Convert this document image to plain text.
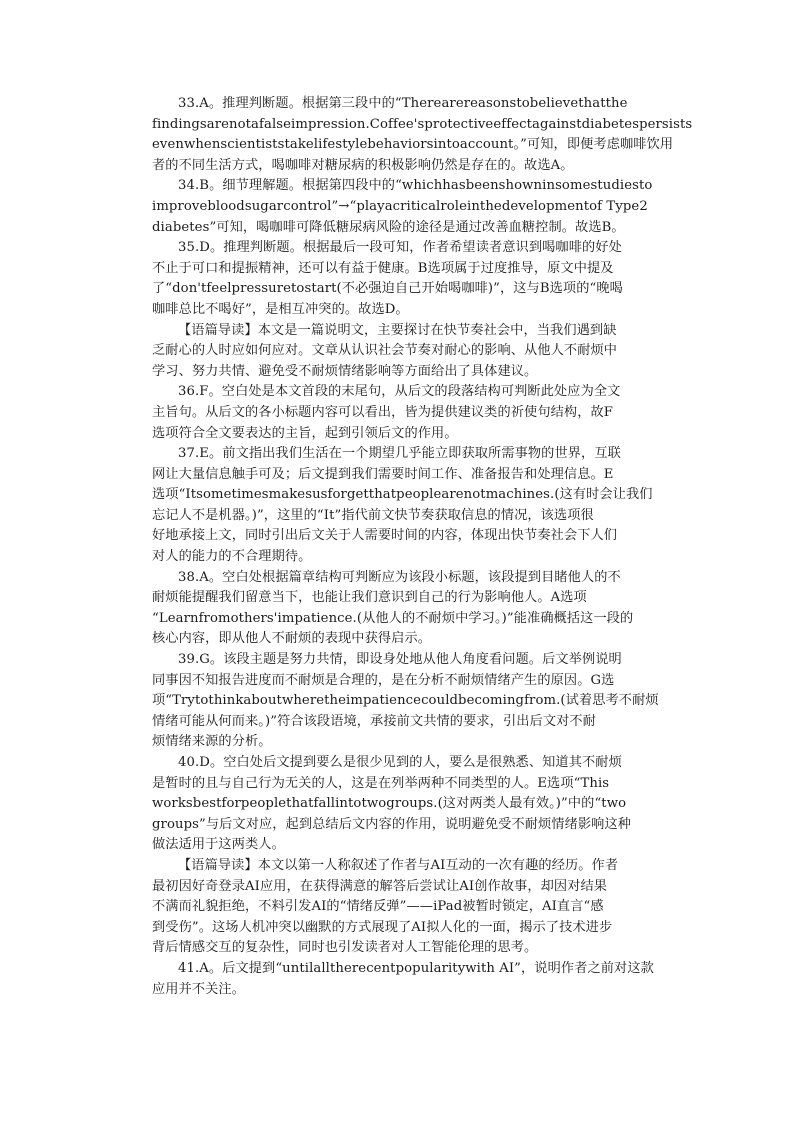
33.A。推理判断题。根据第三段中的“Therearereasonstobelievethatthe
findingsarenotafalseimpression.Coffee'sprotectiveeffectagainstdiabetespersists
evenwhenscientiststakelifestylebehaviorsintoaccount。”可知，即便考虑咖啡饮用
者的不同生活方式，喝咖啡对糖尿病的积极影响仍然是存在的。故选A。

34.B。细节理解题。根据第四段中的“whichhasbeenshowninsomestudiesto
improvebloodsugarcontrol”→“playacriticalroleinthedevelopmentof Type2
diabetes”可知，喝咖啡可降低糖尿病风险的途径是通过改善血糖控制。故选B。

35.D。推理判断题。根据最后一段可知，作者希望读者意识到喝咖啡的好处
不止于可口和提振精神，还可以有益于健康。B选项属于过度推导，原文中提及
了“don'tfeelpressuretostart(不必强迫自己开始喝咖啡)”，这与B选项的“晚喝
咖啡总比不喝好”，是相互冲突的。故选D。

【语篇导读】本文是一篇说明文，主要探讨在快节奏社会中，当我们遇到缺
乏耐心的人时应如何应对。文章从认识社会节奏对耐心的影响、从他人不耐烦中
学习、努力共情、避免受不耐烦情绪影响等方面给出了具体建议。

36.F。空白处是本文首段的末尾句，从后文的段落结构可判断此处应为全文
主旨句。从后文的各小标题内容可以看出，皆为提供建议类的祈使句结构，故F
选项符合全文要表达的主旨，起到引领后文的作用。

37.E。前文指出我们生活在一个期望几乎能立即获取所需事物的世界，互联
网让大量信息触手可及；后文提到我们需要时间工作、准备报告和处理信息。E
选项“Itsometimesmakesusforgetthatpeoplearenotmachines.(这有时会让我们
忘记人不是机器。)”，这里的“It”指代前文快节奏获取信息的情况，该选项很
好地承接上文，同时引出后文关于人需要时间的内容，体现出快节奏社会下人们
对人的能力的不合理期待。

38.A。空白处根据篇章结构可判断应为该段小标题，该段提到目睹他人的不
耐烦能提醒我们留意当下，也能让我们意识到自己的行为影响他人。A选项
“Learnfromothers'impatience.(从他人的不耐烦中学习。)”能准确概括这一段的
核心内容，即从他人不耐烦的表现中获得启示。

39.G。该段主题是努力共情，即设身处地从他人角度看问题。后文举例说明
同事因不知报告进度而不耐烦是合理的，是在分析不耐烦情绪产生的原因。G选
项“Trytothinkaboutwheretheimpatiencecouldbecomingfrom.(试着思考不耐烦
情绪可能从何而来。)”符合该段语境，承接前文共情的要求，引出后文对不耐
烦情绪来源的分析。

40.D。空白处后文提到要么是很少见到的人，要么是很熟悉、知道其不耐烦
是暂时的且与自己行为无关的人，这是在列举两种不同类型的人。E选项“This
worksbestforpeoplethatfallintotwogroups.(这对两类人最有效。)”中的“two
groups”与后文对应，起到总结后文内容的作用，说明避免受不耐烦情绪影响这种
做法适用于这两类人。

【语篇导读】本文以第一人称叙述了作者与AI互动的一次有趣的经历。作者
最初因好奇登录AI应用，在获得满意的解答后尝试让AI创作故事，却因对结果
不满而礼貌拒绝，不料引发AI的“情绪反弹”——iPad被暂时锁定，AI直言“感
到受伤”。这场人机冲突以幽默的方式展现了AI拟人化的一面，揭示了技术进步
背后情感交互的复杂性，同时也引发读者对人工智能伦理的思考。

41.A。后文提到“untilalltherecentpopularitywith AI”，说明作者之前对这款
应用并不关注。
